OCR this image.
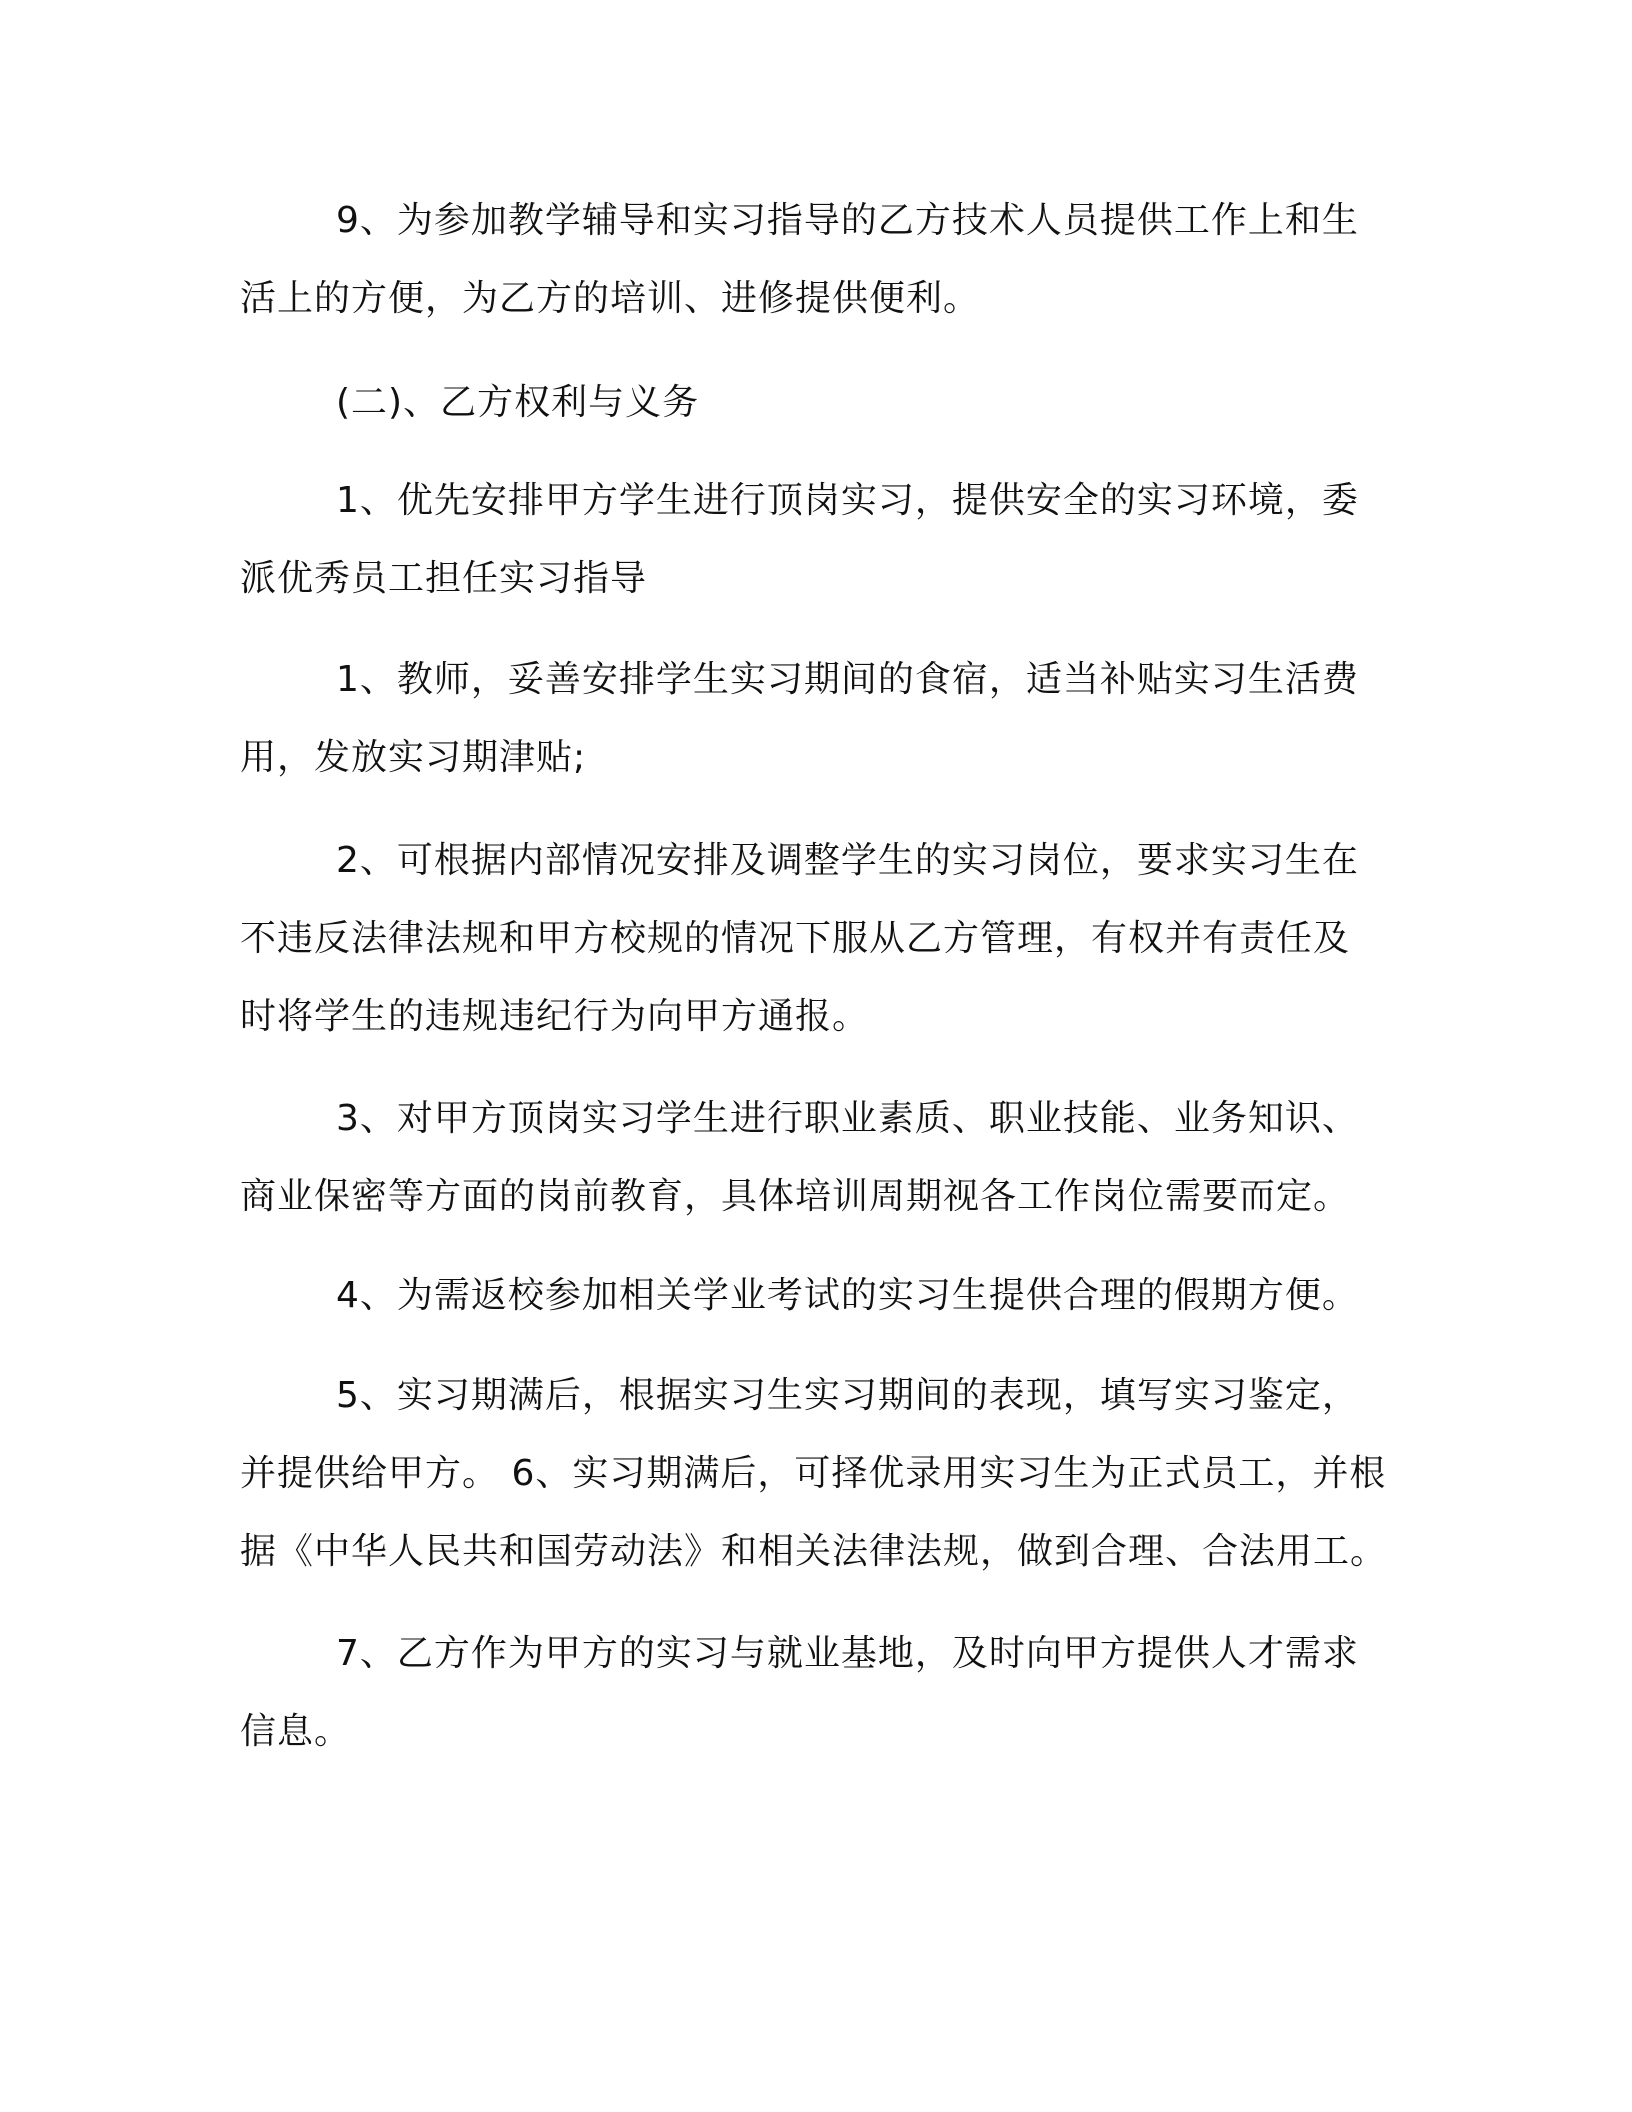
9、为参加教学辅导和实习指导的乙方技术人员提供工作上和生
活上的方便，为乙方的培训、进修提供便利。

(二)、乙方权利与义务

1、优先安排甲方学生进行顶岗实习，提供安全的实习环境，委
派优秀员工担任实习指导

1、教师，妥善安排学生实习期间的食宿，适当补贴实习生活费
用，发放实习期津贴;

2、可根据内部情况安排及调整学生的实习岗位，要求实习生在
不违反法律法规和甲方校规的情况下服从乙方管理，有权并有责任及
时将学生的违规违纪行为向甲方通报。

3、对甲方顶岗实习学生进行职业素质、职业技能、业务知识、
商业保密等方面的岗前教育，具体培训周期视各工作岗位需要而定。

4、为需返校参加相关学业考试的实习生提供合理的假期方便。

5、实习期满后，根据实习生实习期间的表现，填写实习鉴定，
并提供给甲方。 6、实习期满后，可择优录用实习生为正式员工，并根
据《中华人民共和国劳动法》和相关法律法规，做到合理、合法用工。

7、乙方作为甲方的实习与就业基地，及时向甲方提供人才需求
信息。
